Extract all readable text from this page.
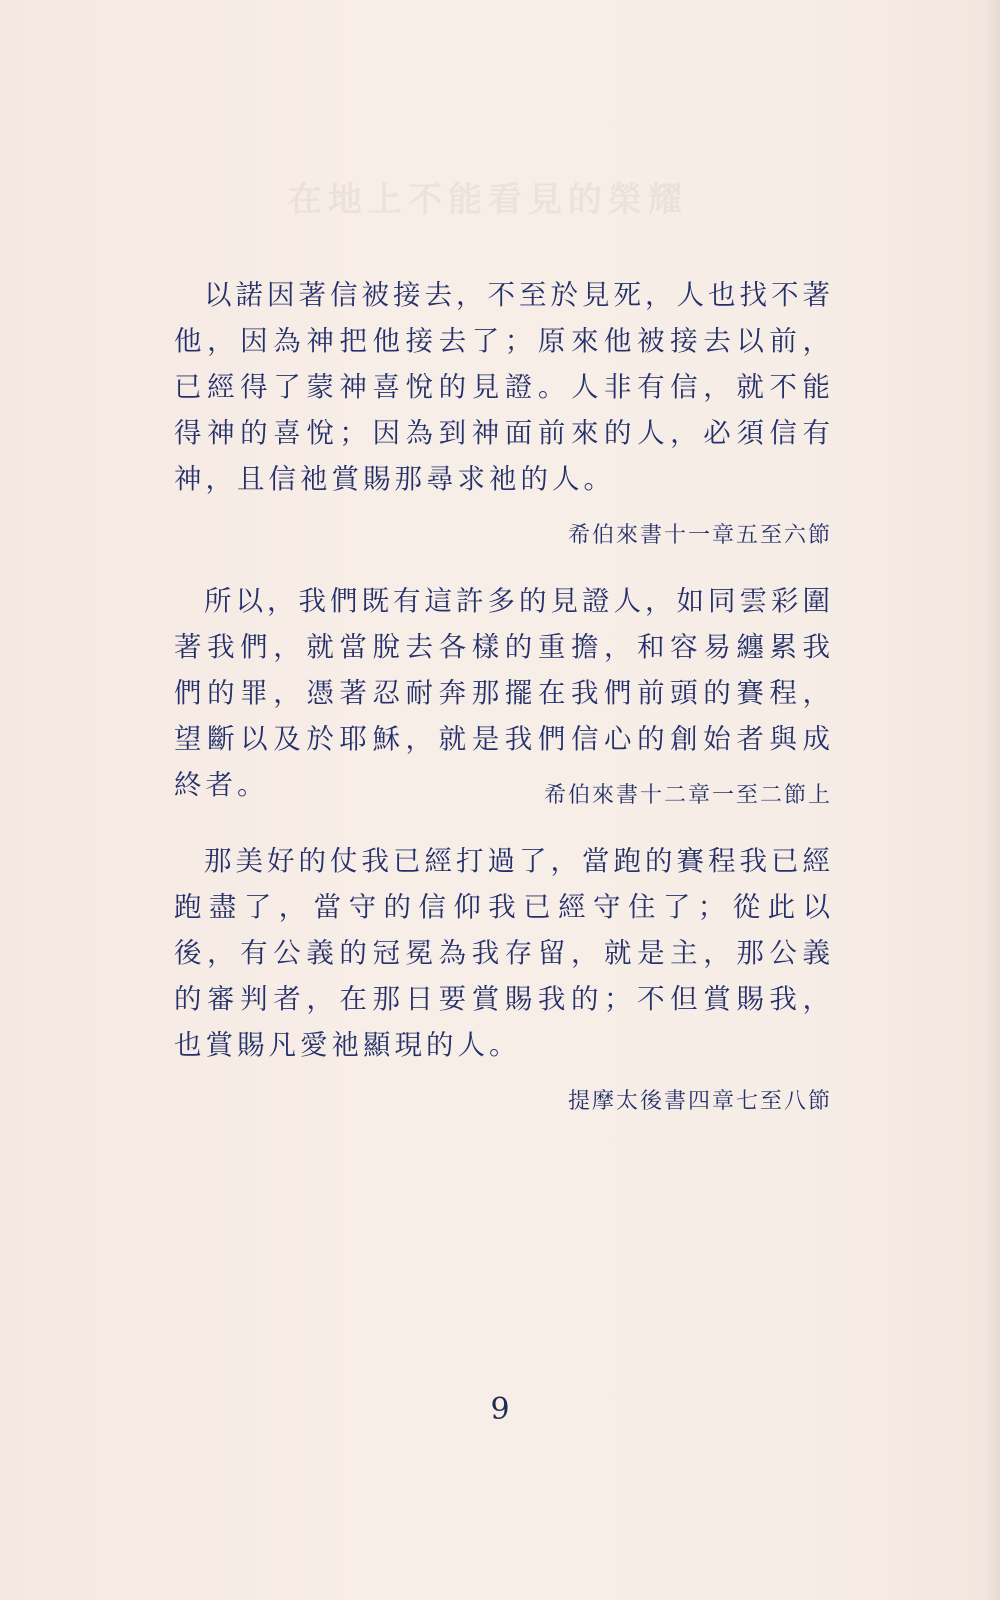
在地上不能看見的榮耀

以諾因著信被接去，不至於見死，人也找不著他，因為神把他接去了；原來他被接去以前，已經得了蒙神喜悅的見證。人非有信，就不能得神的喜悅；因為到神面前來的人，必須信有神，且信祂賞賜那尋求祂的人。

希伯來書十一章五至六節

所以，我們既有這許多的見證人，如同雲彩圍著我們，就當脫去各樣的重擔，和容易纏累我們的罪，憑著忍耐奔那擺在我們前頭的賽程，望斷以及於耶穌，就是我們信心的創始者與成終者。	希伯來書十二章一至二節上

那美好的仗我已經打過了，當跑的賽程我已經跑盡了，當守的信仰我已經守住了；從此以後，有公義的冠冕為我存留，就是主，那公義的審判者，在那日要賞賜我的；不但賞賜我，也賞賜凡愛祂顯現的人。

提摩太後書四章七至八節

9
